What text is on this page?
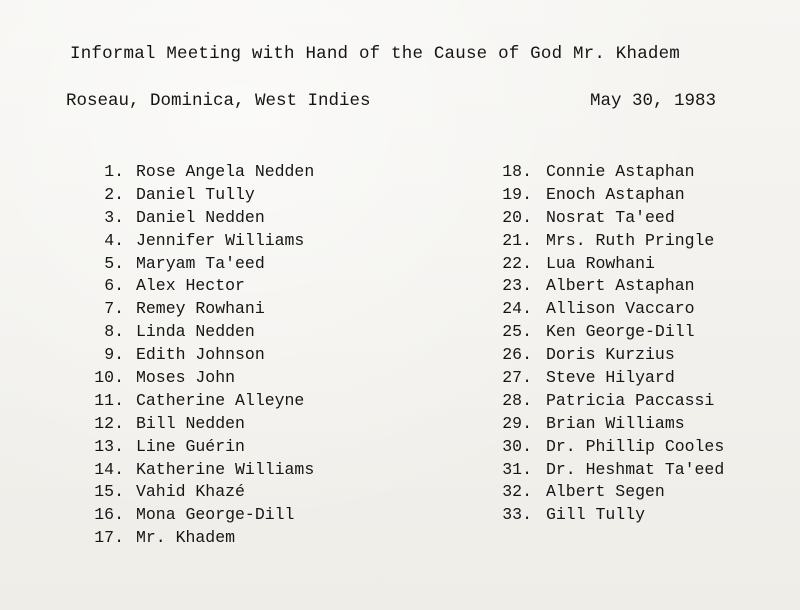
Informal Meeting with Hand of the Cause of God Mr. Khadem
Roseau, Dominica, West Indies	May 30, 1983
1. Rose Angela Nedden
2. Daniel Tully
3. Daniel Nedden
4. Jennifer Williams
5. Maryam Ta'eed
6. Alex Hector
7. Remey Rowhani
8. Linda Nedden
9. Edith Johnson
10. Moses John
11. Catherine Alleyne
12. Bill Nedden
13. Line Guérin
14. Katherine Williams
15. Vahid Khazé
16. Mona George-Dill
17. Mr. Khadem
18. Connie Astaphan
19. Enoch Astaphan
20. Nosrat Ta'eed
21. Mrs. Ruth Pringle
22. Lua Rowhani
23. Albert Astaphan
24. Allison Vaccaro
25. Ken George-Dill
26. Doris Kurzius
27. Steve Hilyard
28. Patricia Paccassi
29. Brian Williams
30. Dr. Phillip Cooles
31. Dr. Heshmat Ta'eed
32. Albert Segen
33. Gill Tully
